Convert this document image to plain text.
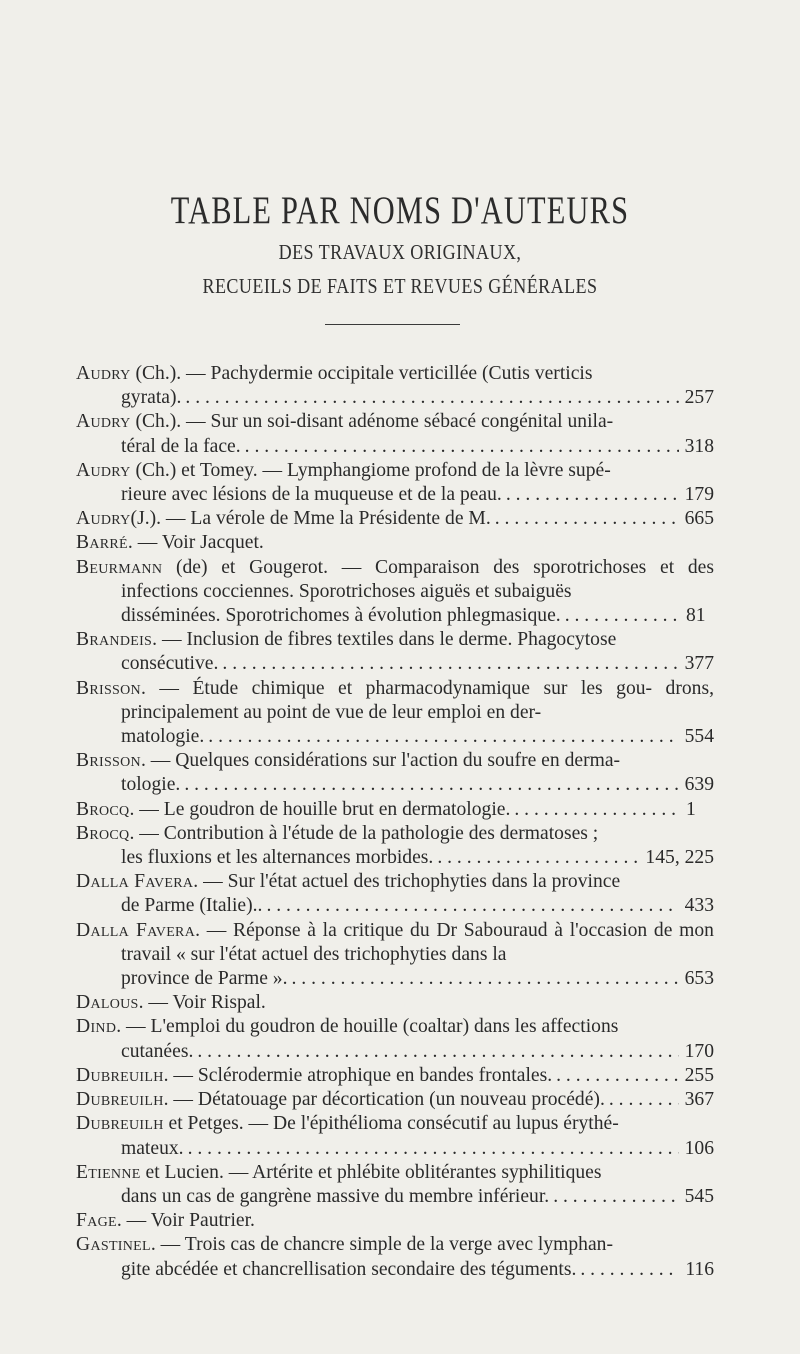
TABLE PAR NOMS D'AUTEURS
DES TRAVAUX ORIGINAUX,
RECUEILS DE FAITS ET REVUES GÉNÉRALES

Audry (Ch.). — Pachydermie occipitale verticillée (Cutis verticis

gyrata). . . .	257

Audry (Ch.). — Sur un soi-disant adénome sébacé congénital unila-

téral de la face. . . .	318

Audry (Ch.) et Tomey. — Lymphangiome profond de la lèvre supé-

rieure avec lésions de la muqueuse et de la peau. . . .	179

Audry (J.). — La vérole de Mme la Présidente de M. . . .	665

Barré . — Voir Jacquet.

Beurmann (de) et Gougerot. — Comparaison des sporotrichoses et des infections cocciennes. Sporotrichoses aiguës et subaiguës

disséminées. Sporotrichomes à évolution phlegmasique. . . .	81

Brandeis. — Inclusion de fibres textiles dans le derme. Phagocytose

consécutive. . . .	377

Brisson. — Étude chimique et pharmacodynamique sur les gou- drons, principalement au point de vue de leur emploi en der-

matologie. . . .	554

Brisson. — Quelques considérations sur l'action du soufre en derma-

tologie. . . .	639

Brocq . — Le goudron de houille brut en dermatologie. . . .	1

Brocq. — Contribution à l'étude de la pathologie des dermatoses ;

les fluxions et les alternances morbides. . . .	145, 225

Dalla Favera. — Sur l'état actuel des trichophyties dans la province

de Parme (Italie).. . . .	433

Dalla Favera. — Réponse à la critique du Dr Sabouraud à l'occasion de mon travail « sur l'état actuel des trichophyties dans la

province de Parme ». . . .	653

Dalous . — Voir Rispal.

Dind. — L'emploi du goudron de houille (coaltar) dans les affections

cutanées. . . .	170

Dubreuilh . — Sclérodermie atrophique en bandes frontales. . . .	255

Dubreuilh . — Détatouage par décortication (un nouveau procédé). . . .	367

Dubreuilh et Petges. — De l'épithélioma consécutif au lupus érythé-

mateux. . . .	106

Etienne et Lucien. — Artérite et phlébite oblitérantes syphilitiques

dans un cas de gangrène massive du membre inférieur. . . .	545

Fage . — Voir Pautrier.

Gastinel. — Trois cas de chancre simple de la verge avec lymphan-

gite abcédée et chancrellisation secondaire des téguments. . . .	116
